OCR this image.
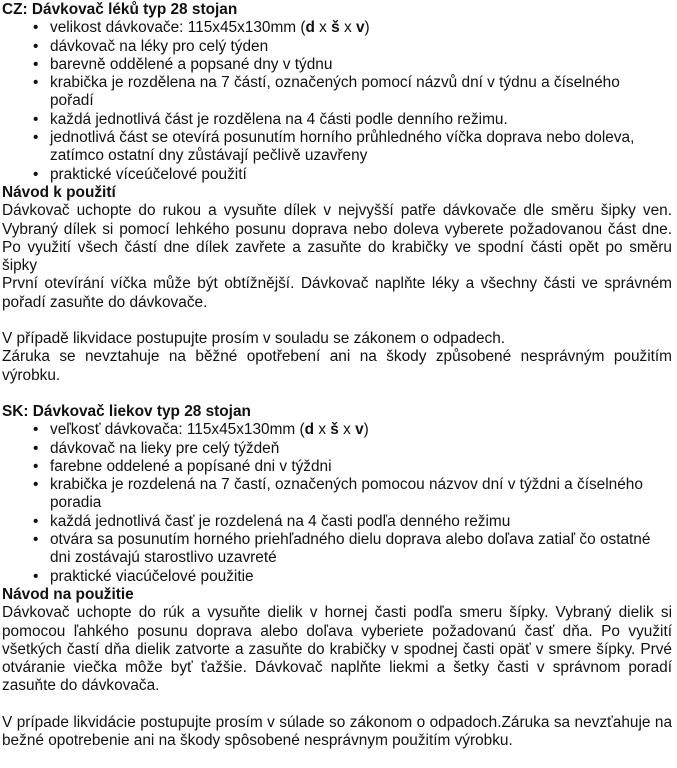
CZ: Dávkovač léků typ 28 stojan
• velikost dávkovače: 115x45x130mm (d x š x v)
• dávkovač na léky pro celý týden
• barevně oddělené a popsané dny v týdnu
• krabička je rozdělena na 7 částí, označených pomocí názvů dní v týdnu a číselného pořadí
• každá jednotlivá část je rozdělena na 4 části podle denního režimu.
• jednotlivá část se otevírá posunutím horního průhledného víčka doprava nebo doleva, zatímco ostatní dny zůstávají pečlivě uzavřeny
• praktické víceúčelové použití
Návod k použití

Dávkovač uchopte do rukou a vysuňte dílek v nejvyšší patře dávkovače dle směru šipky ven. Vybraný dílek si pomocí lehkého posunu doprava nebo doleva vyberete požadovanou část dne. Po využití všech částí dne dílek zavřete a zasuňte do krabičky ve spodní části opět po směru šipky

První otevírání víčka může být obtížnější. Dávkovač naplňte léky a všechny části ve správném pořadí zasuňte do dávkovače.

V případě likvidace postupujte prosím v souladu se zákonem o odpadech.

Záruka se nevztahuje na běžné opotřebení ani na škody způsobené nesprávným použitím výrobku.

SK: Dávkovač liekov typ 28 stojan
• veľkosť dávkovača: 115x45x130mm (d x š x v)
• dávkovač na lieky pre celý týždeň
• farebne oddelené a popísané dni v týždni
• krabička je rozdelená na 7 častí, označených pomocou názvov dní v týždni a číselného poradia
• každá jednotlivá časť je rozdelená na 4 časti podľa denného režimu
• otvára sa posunutím horného priehľadného dielu doprava alebo doľava zatiaľ čo ostatné dni zostávajú starostlivo uzavreté
• praktické viacúčelové použitie
Návod na použitie

Dávkovač uchopte do rúk a vysuňte dielik v hornej časti podľa smeru šípky. Vybraný dielik si pomocou ľahkého posunu doprava alebo doľava vyberiete požadovanú časť dňa. Po využití všetkých častí dňa dielik zatvorte a zasuňte do krabičky v spodnej časti opäť v smere šípky. Prvé otváranie viečka môže byť ťažšie. Dávkovač naplňte liekmi a šetky časti v správnom poradí zasuňte do dávkovača.

V prípade likvidácie postupujte prosím v súlade so zákonom o odpadoch.Záruka sa nevzťahuje na bežné opotrebenie ani na škody spôsobené nesprávnym použitím výrobku.
